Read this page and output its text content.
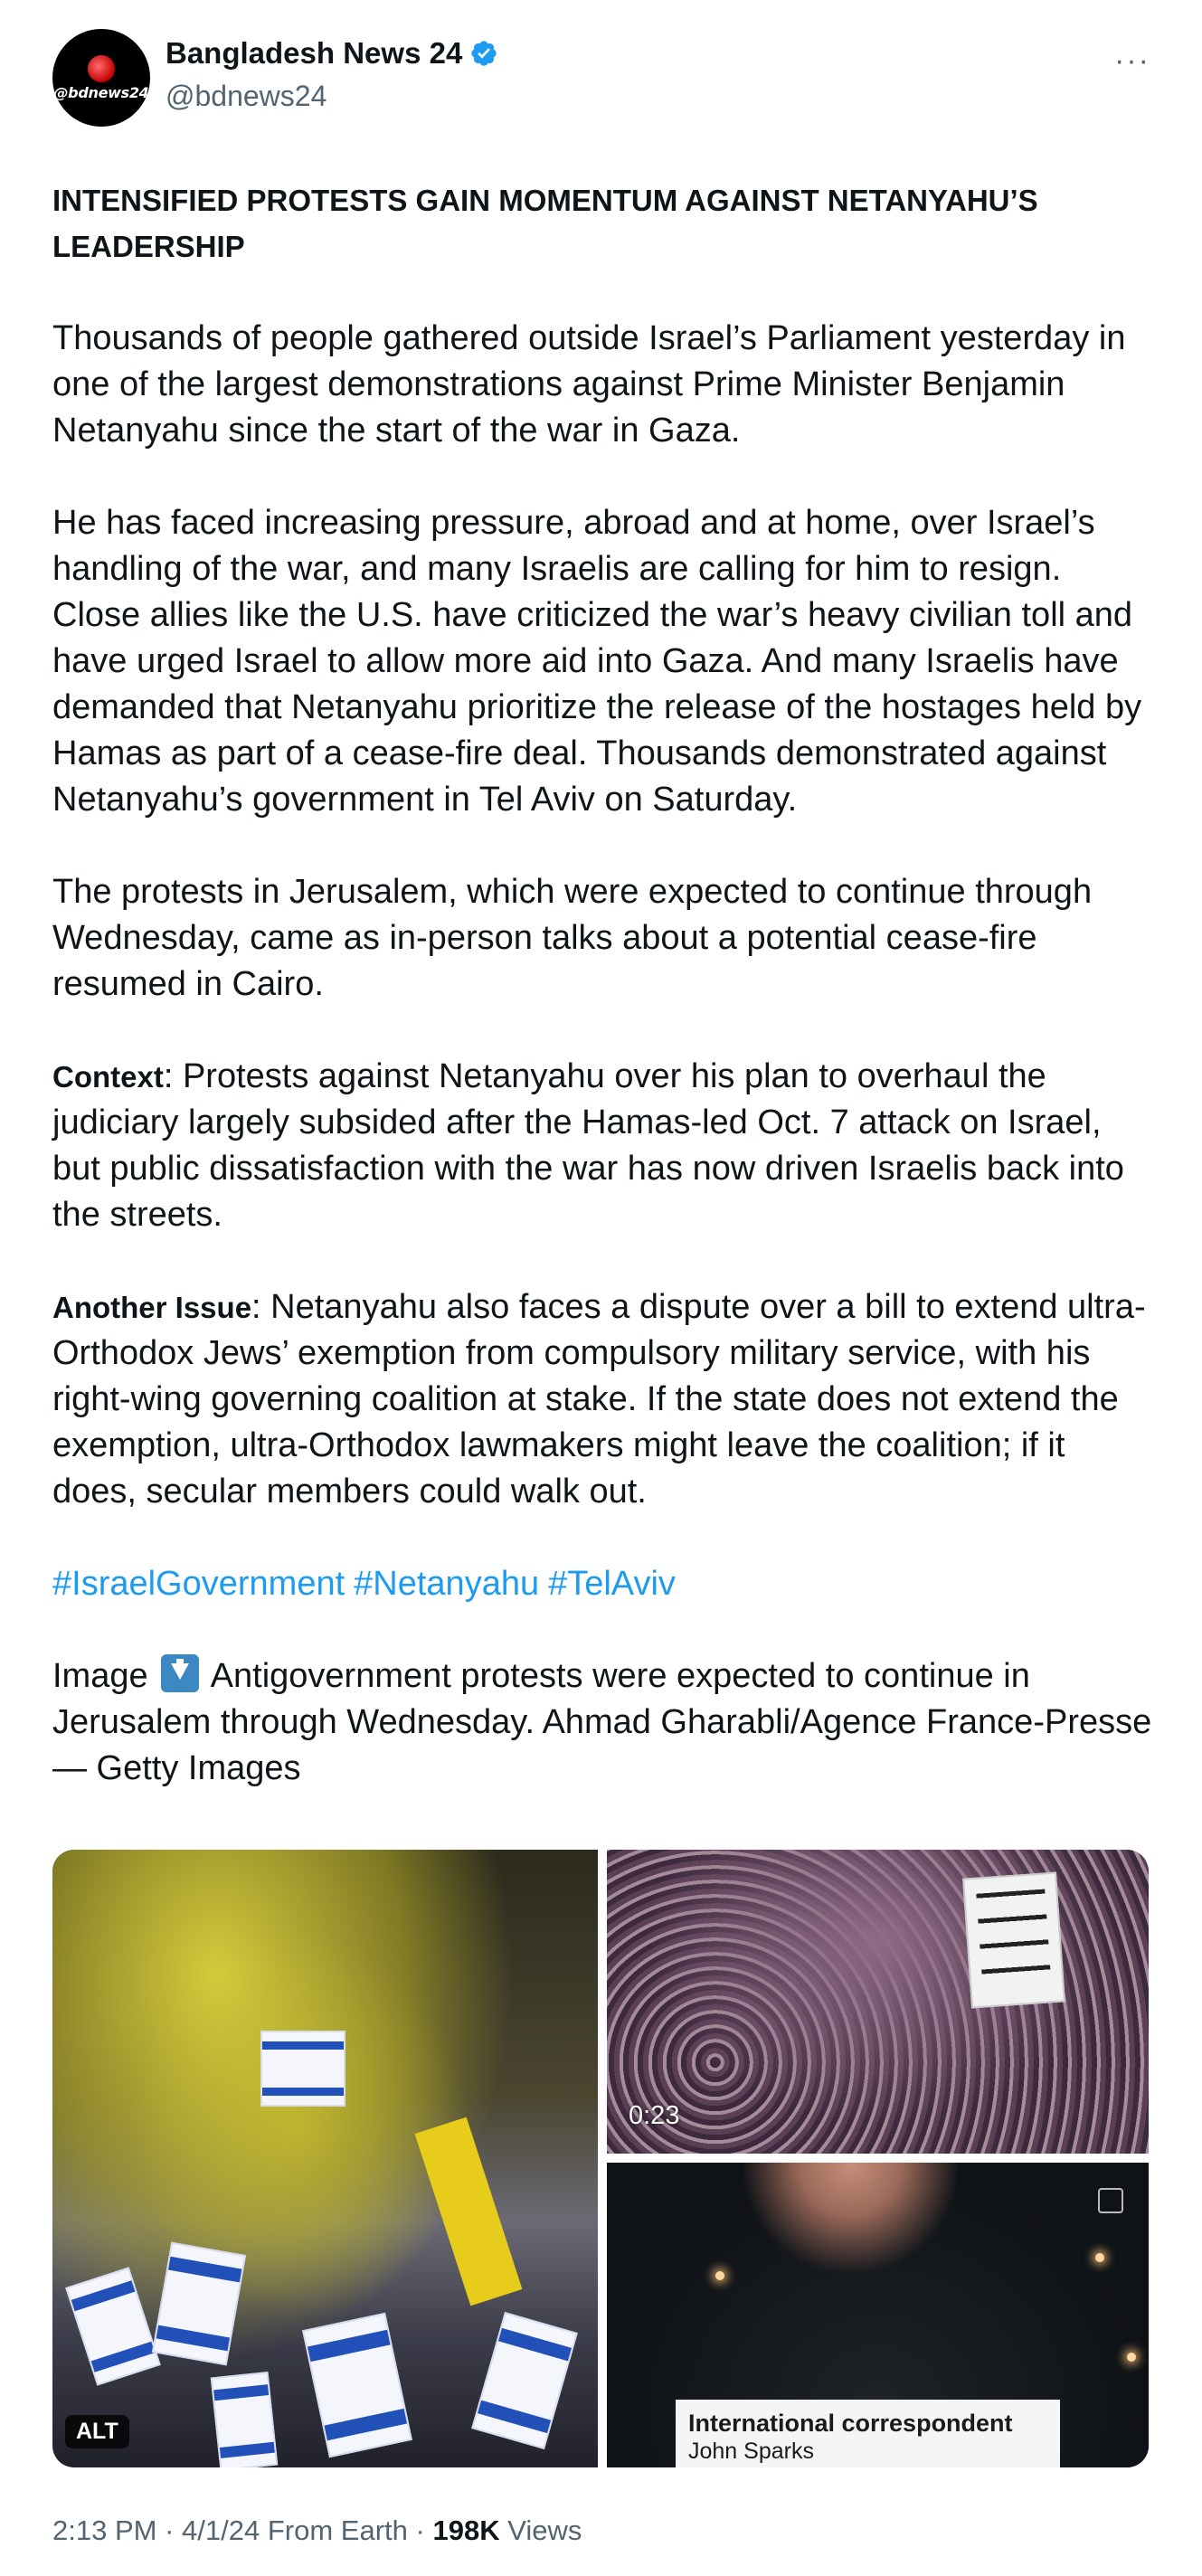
@bdnews24
Bangladesh News 24
@bdnews24
···

INTENSIFIED PROTESTS GAIN MOMENTUM AGAINST NETANYAHU’S LEADERSHIP

Thousands of people gathered outside Israel’s Parliament yesterday in one of the largest demonstrations against Prime Minister Benjamin Netanyahu since the start of the war in Gaza.

He has faced increasing pressure, abroad and at home, over Israel’s handling of the war, and many Israelis are calling for him to resign. Close allies like the U.S. have criticized the war’s heavy civilian toll and have urged Israel to allow more aid into Gaza. And many Israelis have demanded that Netanyahu prioritize the release of the hostages held by Hamas as part of a cease-fire deal. Thousands demonstrated against Netanyahu’s government in Tel Aviv on Saturday.

The protests in Jerusalem, which were expected to continue through Wednesday, came as in-person talks about a potential cease-fire resumed in Cairo.

Context: Protests against Netanyahu over his plan to overhaul the judiciary largely subsided after the Hamas-led Oct. 7 attack on Israel, but public dissatisfaction with the war has now driven Israelis back into the streets.

Another Issue: Netanyahu also faces a dispute over a bill to extend ultra-Orthodox Jews’ exemption from compulsory military service, with his right-wing governing coalition at stake. If the state does not extend the exemption, ultra-Orthodox lawmakers might leave the coalition; if it does, secular members could walk out.

#IsraelGovernment #Netanyahu #TelAviv

Image Antigovernment protests were expected to continue in Jerusalem through Wednesday. Ahmad Gharabli/Agence France-Presse — Getty Images

ALT
0:23
International correspondent
John Sparks
2:13 PM · 4/1/24 From Earth · 198K Views
